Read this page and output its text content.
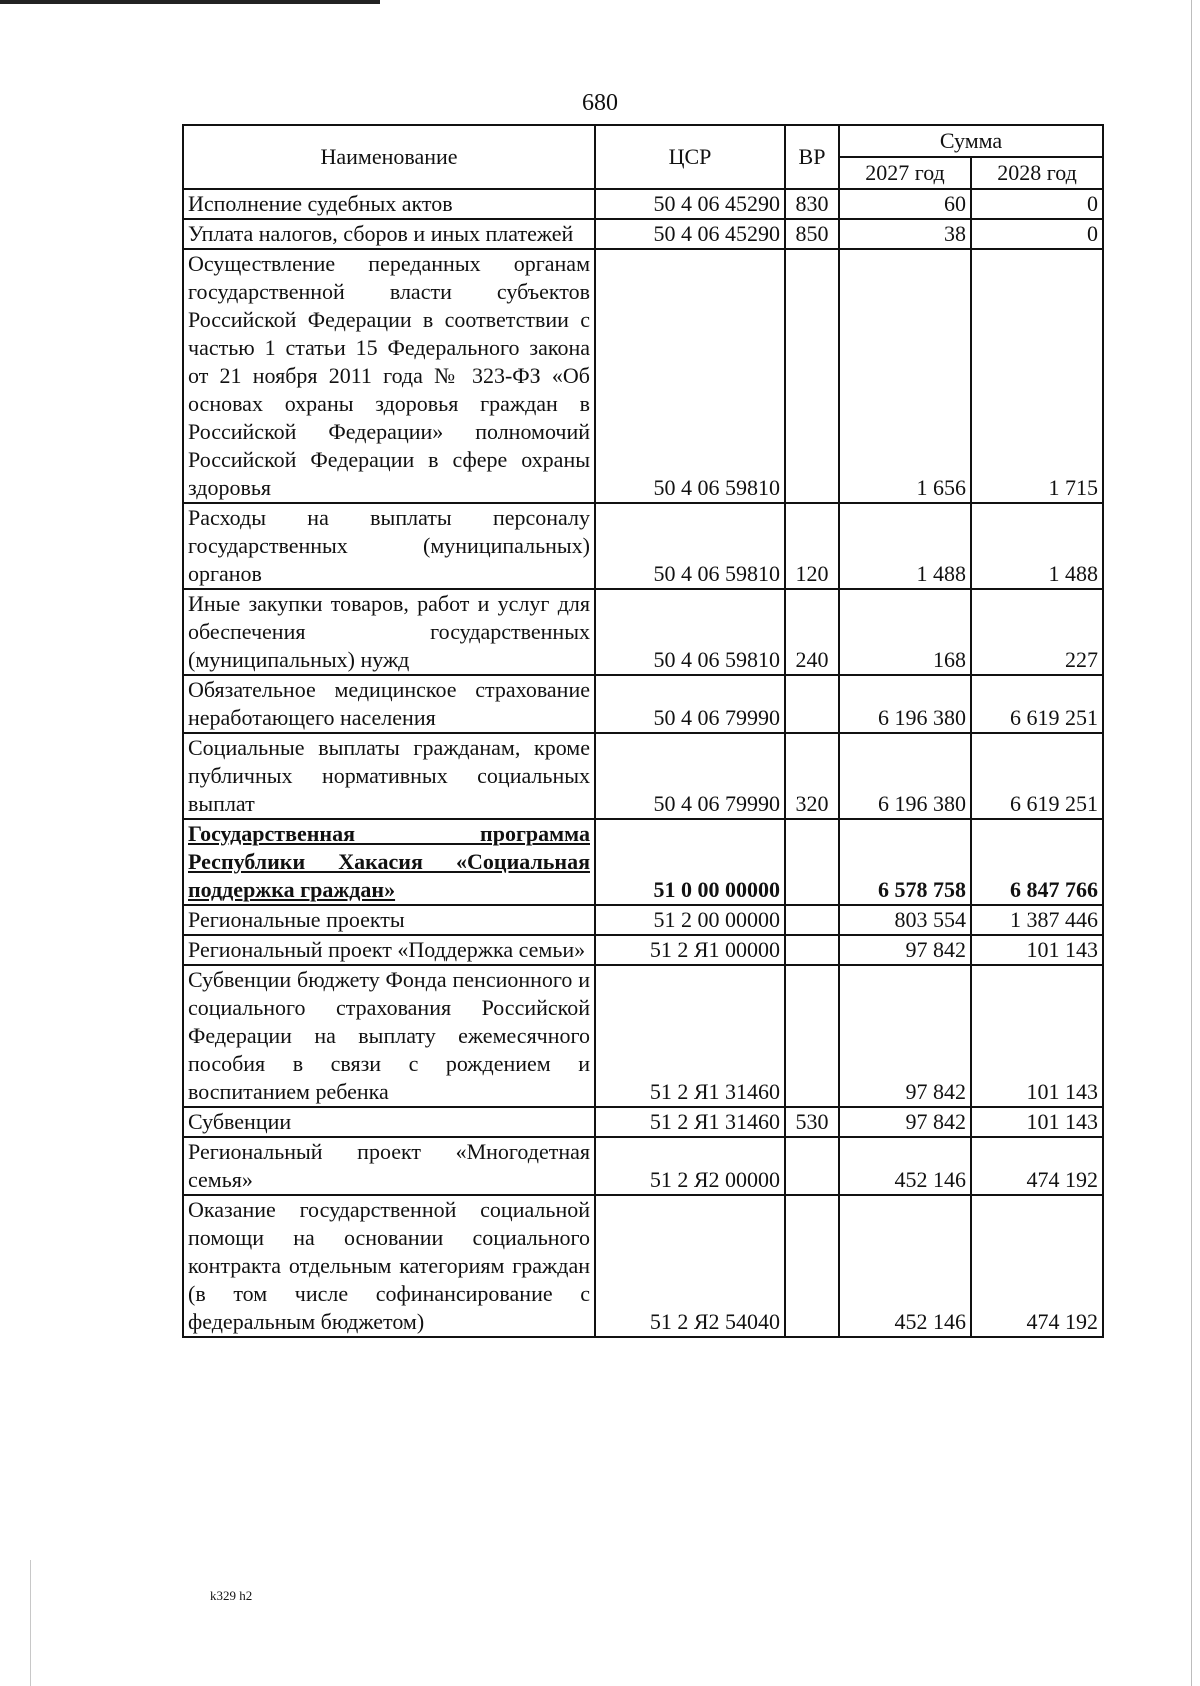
680
Наименование	ЦСР	ВР	Сумма	
			2027 год	2028 год
Исполнение судебных актов	50 4 06 45290	830	60	0
Уплата налогов, сборов и иных платежей	50 4 06 45290	850	38	0
Осуществление переданных органам государственной власти субъектов Российской Федерации в соответствии с частью 1 статьи 15 Федерального закона от 21 ноября 2011 года № 323-ФЗ «Об основах охраны здоровья граждан в Российской Федерации» полномочий Российской Федерации в сфере охраны здоровья	50 4 06 59810		1 656	1 715
Расходы на выплаты персоналу государственных (муниципальных) органов	50 4 06 59810	120	1 488	1 488
Иные закупки товаров, работ и услуг для обеспечения государственных (муниципальных) нужд	50 4 06 59810	240	168	227
Обязательное медицинское страхование неработающего населения	50 4 06 79990		6 196 380	6 619 251
Социальные выплаты гражданам, кроме публичных нормативных социальных выплат	50 4 06 79990	320	6 196 380	6 619 251
Государственная программа Республики Хакасия «Социальная поддержка граждан»	51 0 00 00000		6 578 758	6 847 766
Региональные проекты	51 2 00 00000		803 554	1 387 446
Региональный проект «Поддержка семьи»	51 2 Я1 00000		97 842	101 143
Субвенции бюджету Фонда пенсионного и социального страхования Российской Федерации на выплату ежемесячного пособия в связи с рождением и воспитанием ребенка	51 2 Я1 31460		97 842	101 143
Субвенции	51 2 Я1 31460	530	97 842	101 143
Региональный проект «Многодетная семья»	51 2 Я2 00000		452 146	474 192
Оказание государственной социальной помощи на основании социального контракта отдельным категориям граждан (в том числе софинансирование с федеральным бюджетом)	51 2 Я2 54040		452 146	474 192
k329 h2
